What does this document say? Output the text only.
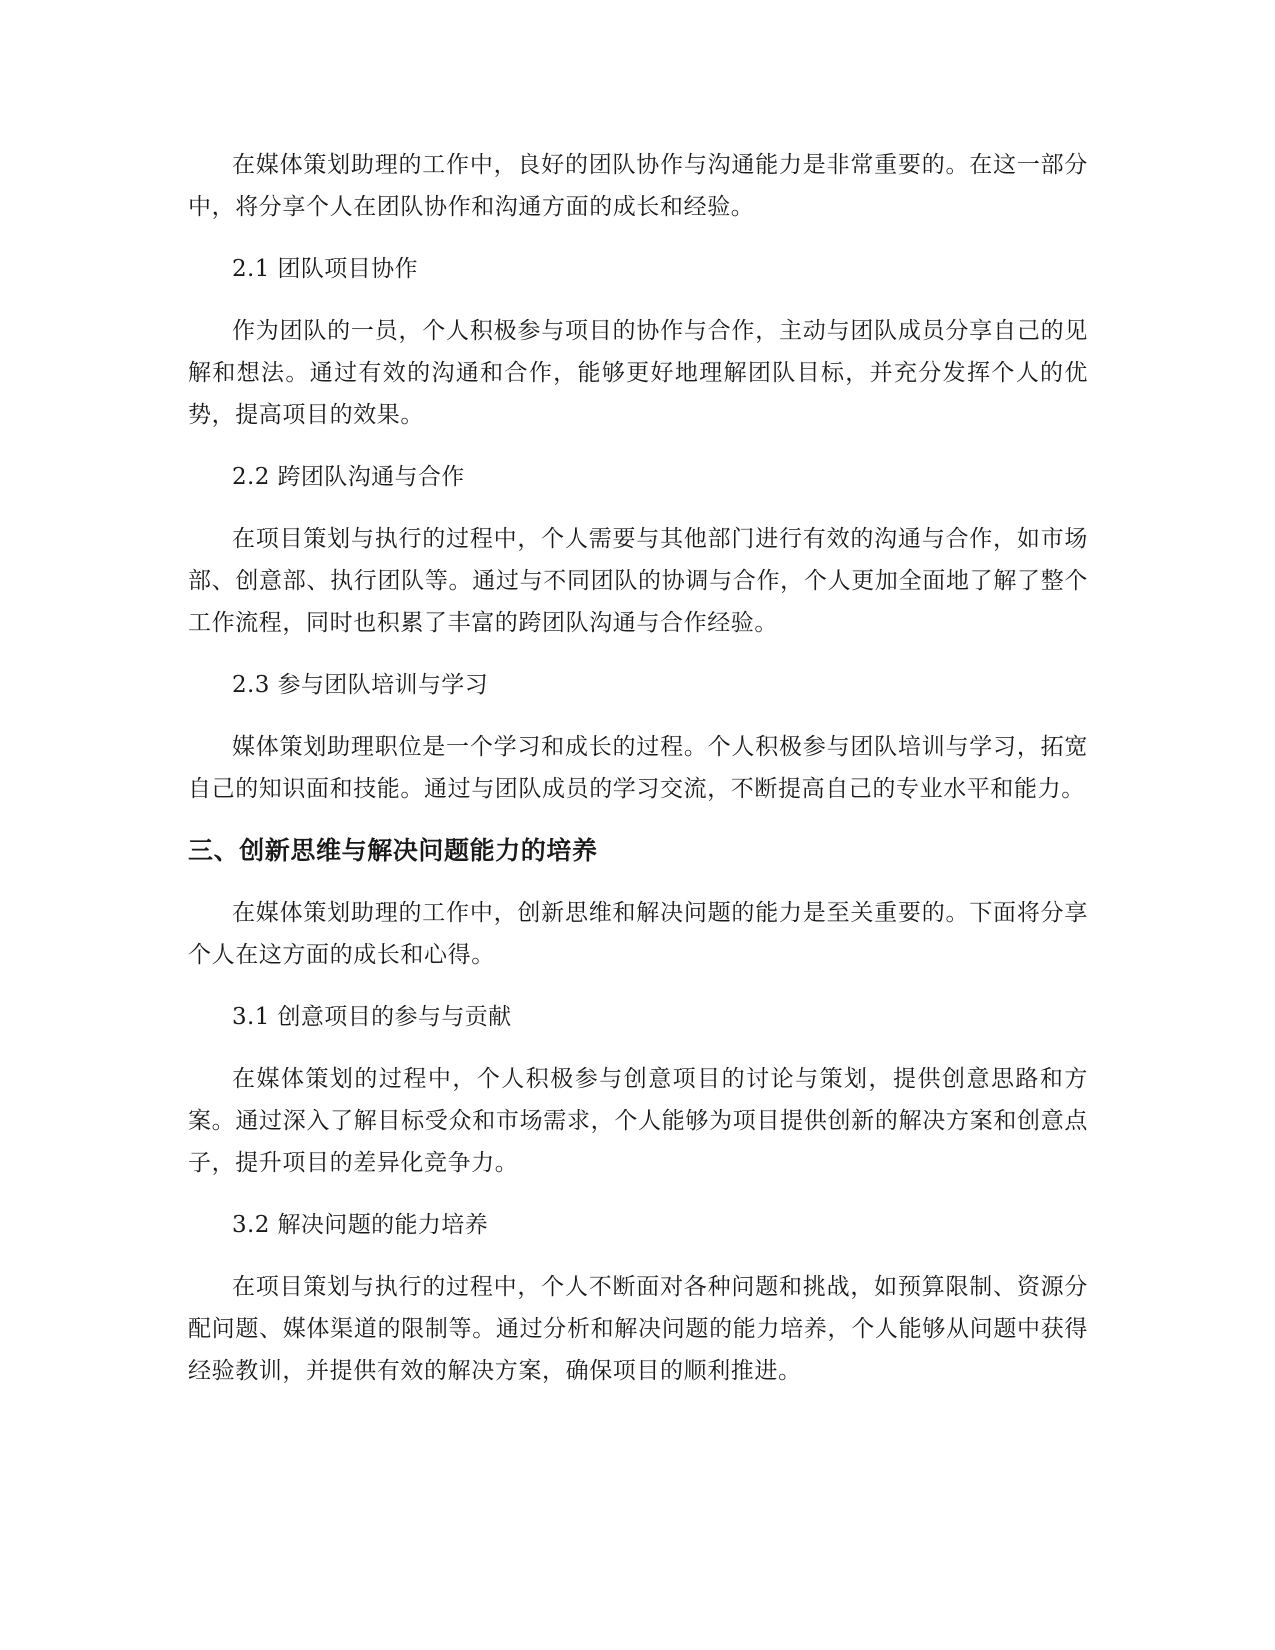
在媒体策划助理的工作中，良好的团队协作与沟通能力是非常重要的。在这一部分中，将分享个人在团队协作和沟通方面的成长和经验。

2.1 团队项目协作

作为团队的一员，个人积极参与项目的协作与合作，主动与团队成员分享自己的见解和想法。通过有效的沟通和合作，能够更好地理解团队目标，并充分发挥个人的优势，提高项目的效果。

2.2 跨团队沟通与合作

在项目策划与执行的过程中，个人需要与其他部门进行有效的沟通与合作，如市场部、创意部、执行团队等。通过与不同团队的协调与合作，个人更加全面地了解了整个工作流程，同时也积累了丰富的跨团队沟通与合作经验。

2.3 参与团队培训与学习

媒体策划助理职位是一个学习和成长的过程。个人积极参与团队培训与学习，拓宽自己的知识面和技能。通过与团队成员的学习交流，不断提高自己的专业水平和能力。

三、创新思维与解决问题能力的培养

在媒体策划助理的工作中，创新思维和解决问题的能力是至关重要的。下面将分享个人在这方面的成长和心得。

3.1 创意项目的参与与贡献

在媒体策划的过程中，个人积极参与创意项目的讨论与策划，提供创意思路和方案。通过深入了解目标受众和市场需求，个人能够为项目提供创新的解决方案和创意点子，提升项目的差异化竞争力。

3.2 解决问题的能力培养

在项目策划与执行的过程中，个人不断面对各种问题和挑战，如预算限制、资源分配问题、媒体渠道的限制等。通过分析和解决问题的能力培养，个人能够从问题中获得经验教训，并提供有效的解决方案，确保项目的顺利推进。
